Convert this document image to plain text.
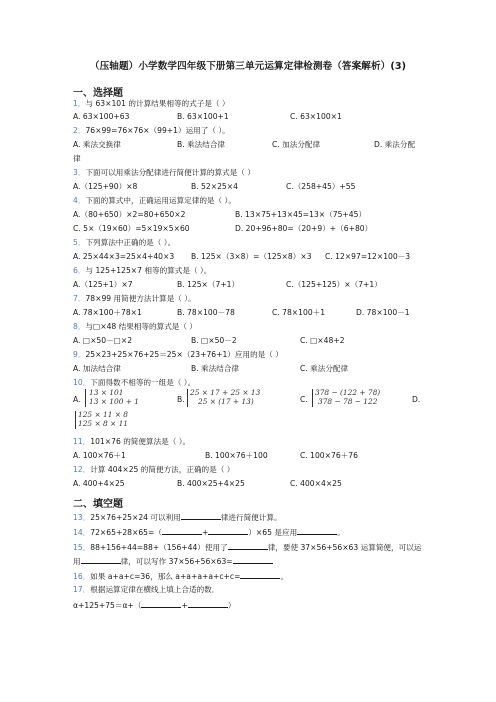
（压轴题）小学数学四年级下册第三单元运算定律检测卷（答案解析）(3)
一、选择题
1．与 63×101 的计算结果相等的式子是（ ）
A. 63×100+63	B. 63×100+1	C. 63×100×1
2．76×99=76×76×（99+1）运用了（ ）。
A. 乘法交换律	B. 乘法结合律	C. 加法分配律	D. 乘法分配
律
3．下面可以用乘法分配律进行简便计算的算式是（ ）
A.（125+90）×8	B. 52×25×4	C.（258+45）+55
4．下面的算式中，正确运用运算定律的是（ ）。
A.（80+650）×2=80+650×2	B. 13×75+13×45=13×（75+45）
C. 5×（19×60）=5×19×5×60	D. 20+96+80=（20+9）+（6+80）
5．下列算法中正确的是（ ）。
A. 25×44×3=25×4+40×3 B. 125×（3×8）=（125×8）×3 C. 12×97=12×100－3
6．与 125+125×7 相等的算式是（ ）。
A.（125+1）×7	B. 125×（7+1）	C.（125+125）×（7+1）
7．78×99 用简便方法计算是（ ）。
A. 78×100＋78×1	B. 78×100－78	C. 78×100＋1	D. 78×100－1
8．与□×48 结果相等的算式是（ ）
A. □×50－□×2	B. □×50－2	C. □×48+2
9．25×23+25×76+25＝25×（23+76+1）应用的是（ ）
A. 加法结合律	B. 乘法结合律	C. 乘法分配律
10．下面得数不相等的一组是（ ）。
A.
13 × 101
13 × 100 + 1	B.
25 × 17 + 25 × 13
25 × (17 + 13)	C.
378 − (122 + 78)
378 − 78 − 122	D.
125 × 11 × 8
125 × 8 × 11
11．101×76 的简便算法是（ ）。
A. 100×76＋1	B. 100×76＋100	C. 100×76＋76
12．计算 404×25 的简便方法，正确的是（ ）
A. 400+4×25	B. 400×25+4×25	C. 400×4×25
二、填空题
13．25×76+25×24 可以利用	律进行简便计算。
14．72×65+28×65=（	+	）×65 是应用	。
15．88+156+44=88+（156+44）使用了	律，要使 37×56+56×63 运算简便，可以运
用	律，可以写作 37×56+56×63=
16．如果 a+a+c=36，那么 a+a+a+a+c+c=	。
17．根据运算定律在横线上填上合适的数．
α+125+75＝α+（	+	）
